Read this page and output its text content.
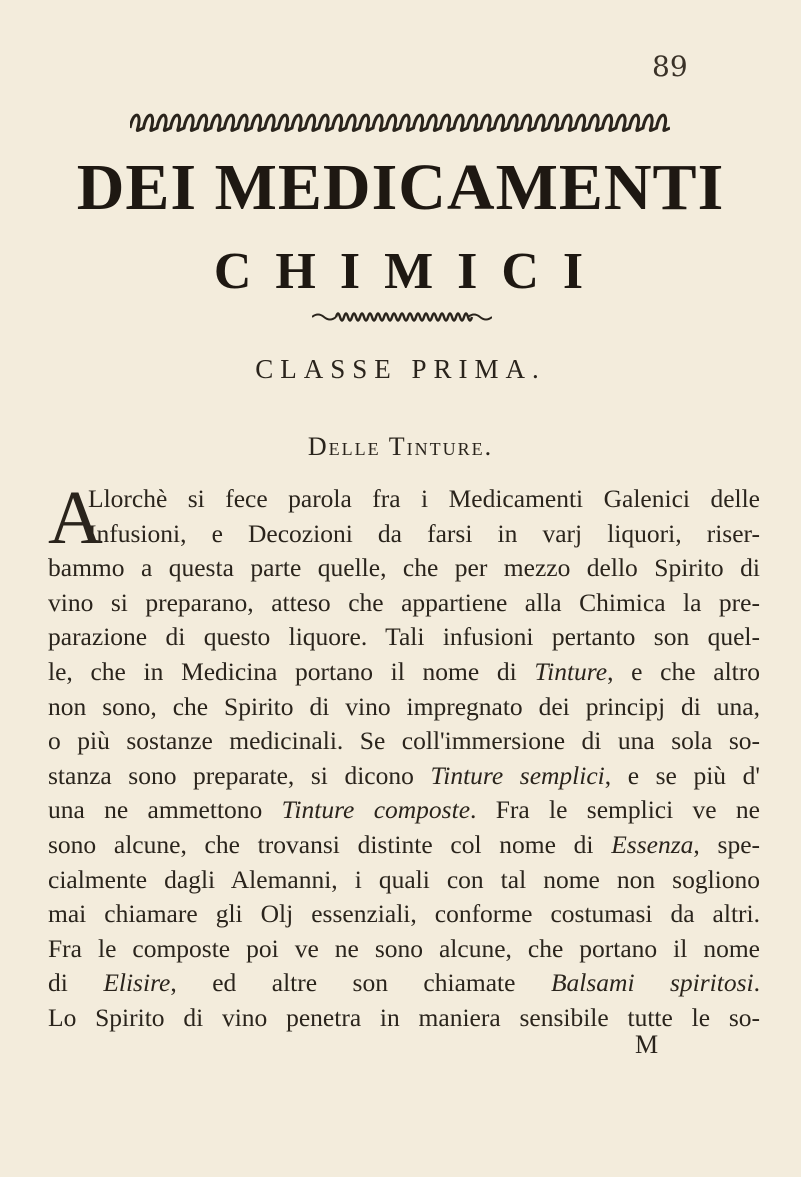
89
DEI MEDICAMENTI
CHIMICI
CLASSE PRIMA.
Delle Tinture.
A
Llorchè si fece parola fra i Medicamenti Galenici delle
Infusioni, e Decozioni da farsi in varj liquori, riser-
bammo a questa parte quelle, che per mezzo dello Spirito di
vino si preparano, atteso che appartiene alla Chimica la pre-
parazione di questo liquore. Tali infusioni pertanto son quel-
le, che in Medicina portano il nome di Tinture, e che altro
non sono, che Spirito di vino impregnato dei principj di una,
o più sostanze medicinali. Se coll'immersione di una sola so-
stanza sono preparate, si dicono Tinture semplici, e se più d'
una ne ammettono Tinture composte. Fra le semplici ve ne
sono alcune, che trovansi distinte col nome di Essenza, spe-
cialmente dagli Alemanni, i quali con tal nome non sogliono
mai chiamare gli Olj essenziali, conforme costumasi da altri.
Fra le composte poi ve ne sono alcune, che portano il nome
di Elisire, ed altre son chiamate Balsami spiritosi.
Lo Spirito di vino penetra in maniera sensibile tutte le so-
M
